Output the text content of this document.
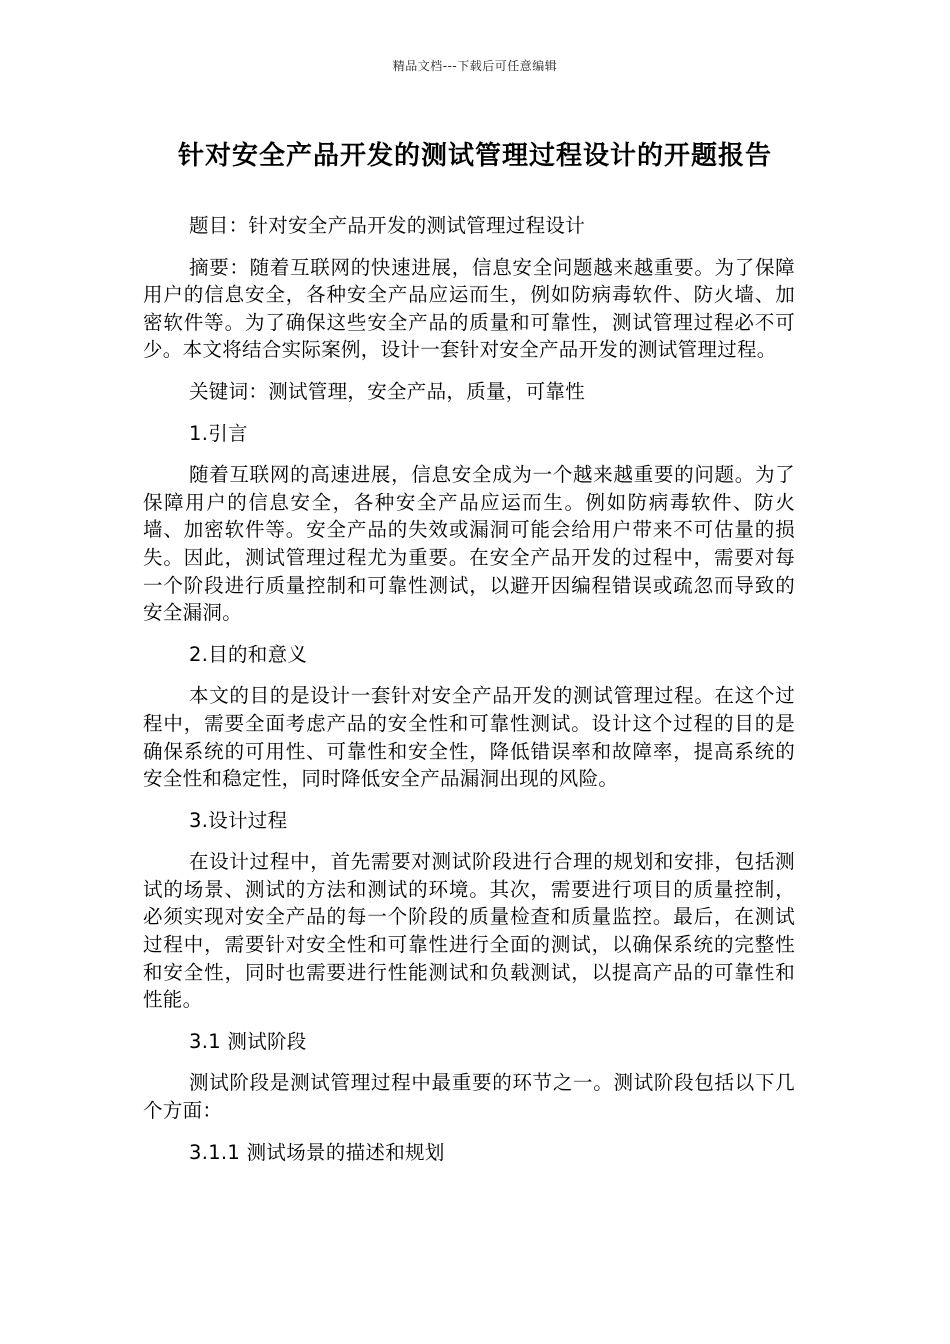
精品文档---下载后可任意编辑
针对安全产品开发的测试管理过程设计的开题报告

题目：针对安全产品开发的测试管理过程设计

摘要：随着互联网的快速进展，信息安全问题越来越重要。为了保障用户的信息安全，各种安全产品应运而生，例如防病毒软件、防火墙、加密软件等。为了确保这些安全产品的质量和可靠性，测试管理过程必不可少。本文将结合实际案例，设计一套针对安全产品开发的测试管理过程。

关键词：测试管理，安全产品，质量，可靠性

1.引言

随着互联网的高速进展，信息安全成为一个越来越重要的问题。为了保障用户的信息安全，各种安全产品应运而生。例如防病毒软件、防火墙、加密软件等。安全产品的失效或漏洞可能会给用户带来不可估量的损失。因此，测试管理过程尤为重要。在安全产品开发的过程中，需要对每一个阶段进行质量控制和可靠性测试，以避开因编程错误或疏忽而导致的安全漏洞。

2.目的和意义

本文的目的是设计一套针对安全产品开发的测试管理过程。在这个过程中，需要全面考虑产品的安全性和可靠性测试。设计这个过程的目的是确保系统的可用性、可靠性和安全性，降低错误率和故障率，提高系统的安全性和稳定性，同时降低安全产品漏洞出现的风险。

3.设计过程

在设计过程中，首先需要对测试阶段进行合理的规划和安排，包括测试的场景、测试的方法和测试的环境。其次，需要进行项目的质量控制，必须实现对安全产品的每一个阶段的质量检查和质量监控。最后，在测试过程中，需要针对安全性和可靠性进行全面的测试，以确保系统的完整性和安全性，同时也需要进行性能测试和负载测试，以提高产品的可靠性和性能。

3.1 测试阶段

测试阶段是测试管理过程中最重要的环节之一。测试阶段包括以下几个方面：

3.1.1 测试场景的描述和规划
